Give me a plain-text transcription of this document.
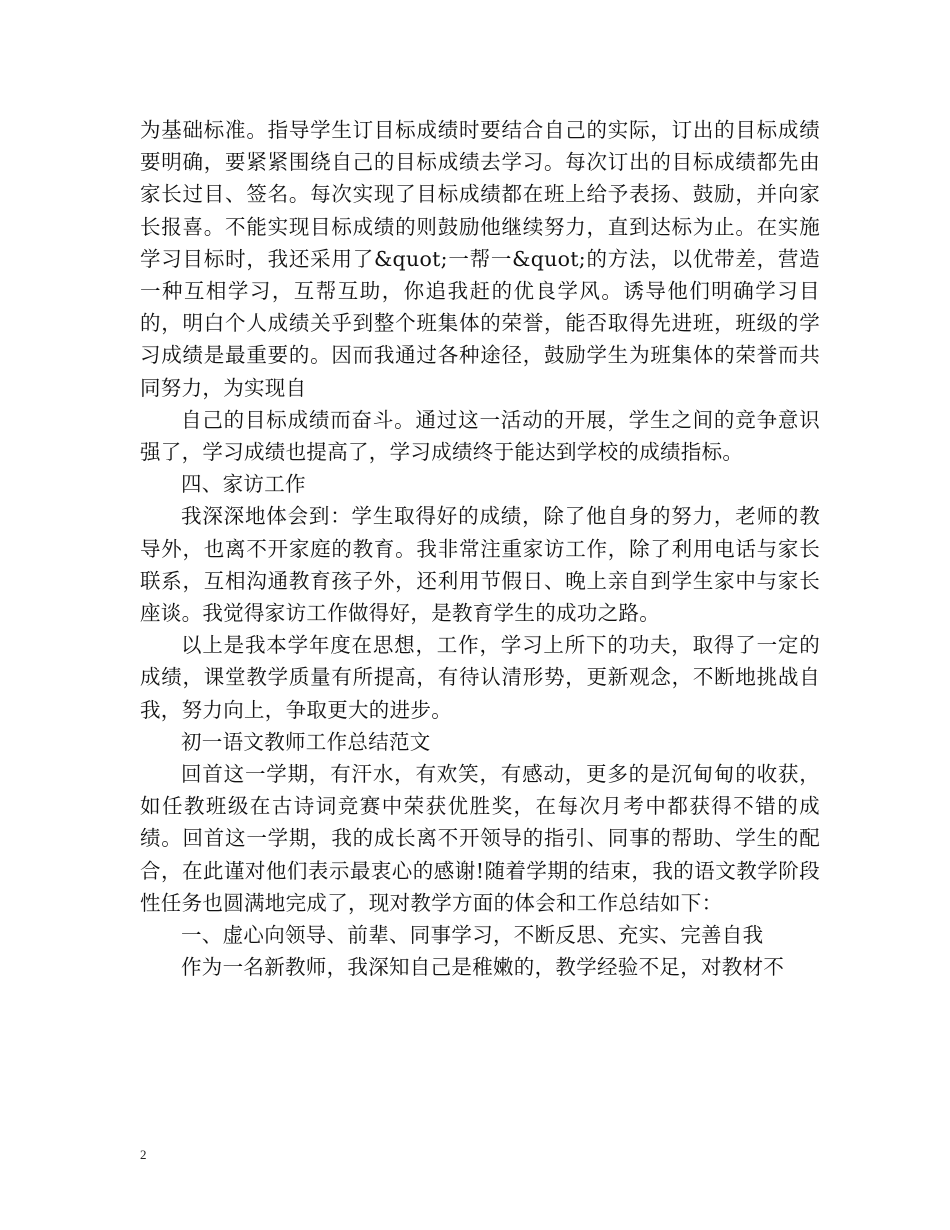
为基础标准。指导学生订目标成绩时要结合自己的实际，订出的目标成绩要明确，要紧紧围绕自己的目标成绩去学习。每次订出的目标成绩都先由家长过目、签名。每次实现了目标成绩都在班上给予表扬、鼓励，并向家长报喜。不能实现目标成绩的则鼓励他继续努力，直到达标为止。在实施学习目标时，我还采用了&quot;一帮一&quot;的方法，以优带差，营造一种互相学习，互帮互助，你追我赶的优良学风。诱导他们明确学习目的，明白个人成绩关乎到整个班集体的荣誉，能否取得先进班，班级的学习成绩是最重要的。因而我通过各种途径，鼓励学生为班集体的荣誉而共同努力，为实现自

自己的目标成绩而奋斗。通过这一活动的开展，学生之间的竞争意识强了，学习成绩也提高了，学习成绩终于能达到学校的成绩指标。

四、家访工作

我深深地体会到：学生取得好的成绩，除了他自身的努力，老师的教导外，也离不开家庭的教育。我非常注重家访工作，除了利用电话与家长联系，互相沟通教育孩子外，还利用节假日、晚上亲自到学生家中与家长座谈。我觉得家访工作做得好，是教育学生的成功之路。

以上是我本学年度在思想，工作，学习上所下的功夫，取得了一定的成绩，课堂教学质量有所提高，有待认清形势，更新观念，不断地挑战自我，努力向上，争取更大的进步。

初一语文教师工作总结范文

回首这一学期，有汗水，有欢笑，有感动，更多的是沉甸甸的收获，如任教班级在古诗词竞赛中荣获优胜奖，在每次月考中都获得不错的成绩。回首这一学期，我的成长离不开领导的指引、同事的帮助、学生的配合，在此谨对他们表示最衷心的感谢!随着学期的结束，我的语文教学阶段性任务也圆满地完成了，现对教学方面的体会和工作总结如下：

一、虚心向领导、前辈、同事学习，不断反思、充实、完善自我

作为一名新教师，我深知自己是稚嫩的，教学经验不足，对教材不

2
